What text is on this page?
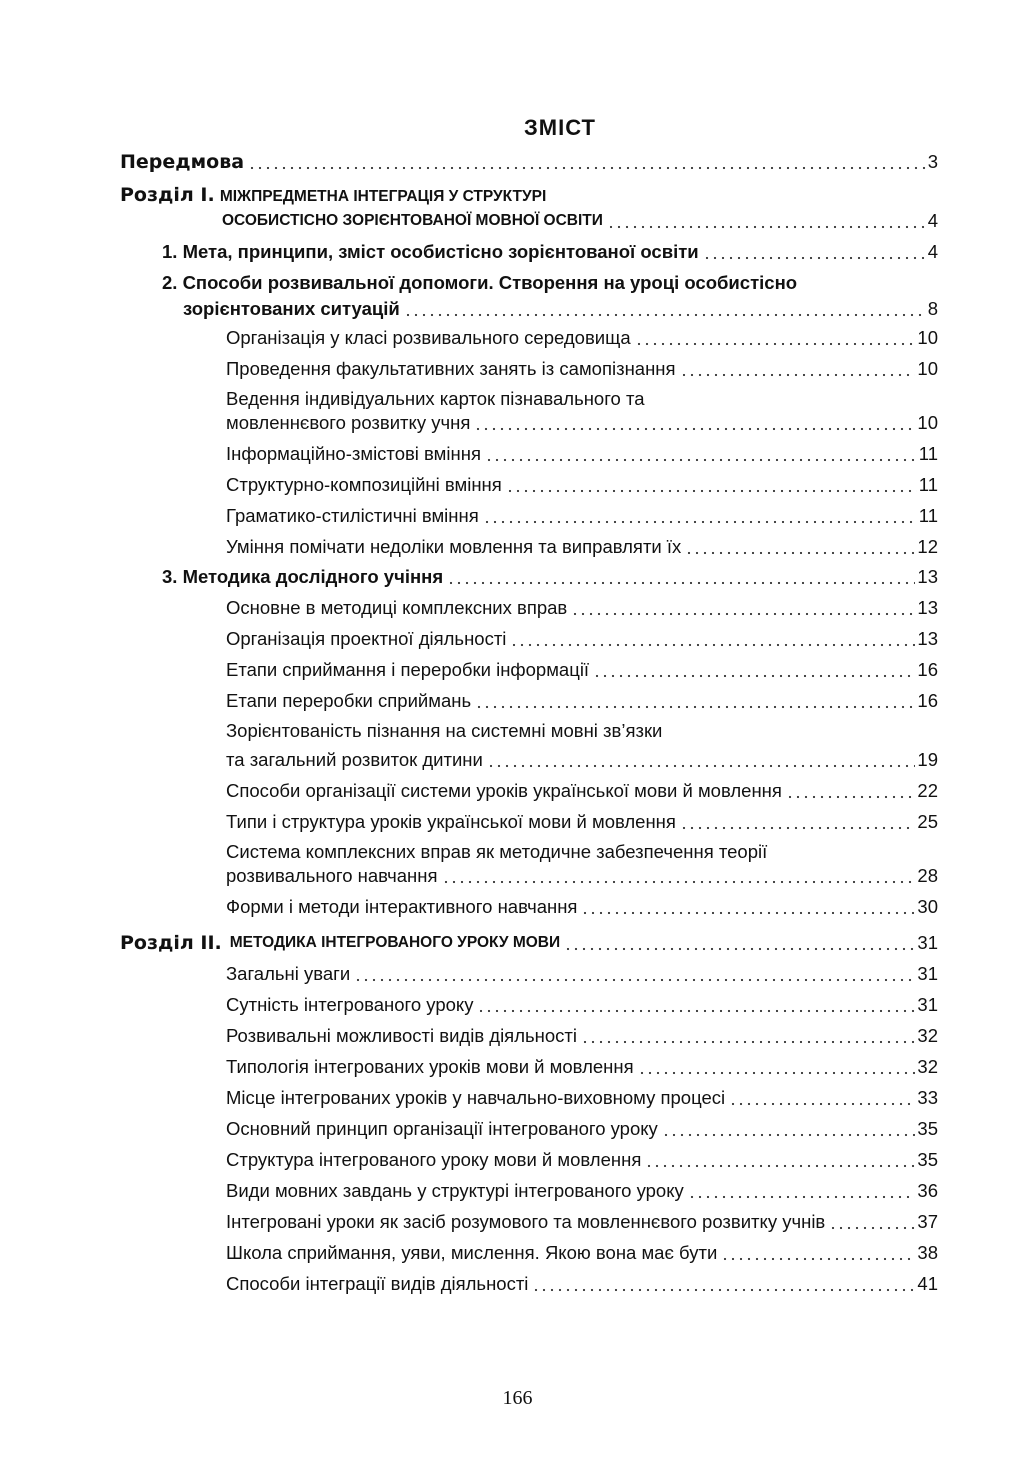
ЗМІСТ
Передмова	3
Розділ І. МІЖПРЕДМЕТНА ІНТЕГРАЦІЯ У СТРУКТУРІ
ОСОБИСТІСНО ЗОРІЄНТОВАНОЇ МОВНОЇ ОСВІТИ	4
1. Мета, принципи, зміст особистісно зорієнтованої освіти	4
2. Способи розвивальної допомоги. Створення на уроці особистісно
зорієнтованих ситуацій	8
Організація у класі розвивального середовища	10
Проведення факультативних занять із самопізнання	10
Ведення індивідуальних карток пізнавального та
мовленнєвого розвитку учня	10
Інформаційно-змістові вміння	11
Структурно-композиційні вміння	11
Граматико-стилістичні вміння	11
Уміння помічати недоліки мовлення та виправляти їх	12
3. Методика дослідного учіння	13
Основне в методиці комплексних вправ	13
Організація проектної діяльності	13
Етапи сприймання і переробки інформації	16
Етапи переробки сприймань	16
Зорієнтованість пізнання на системні мовні зв’язки
та загальний розвиток дитини	19
Способи організації системи уроків української мови й мовлення	22
Типи і структура уроків української мови й мовлення	25
Система комплексних вправ як методичне забезпечення теорії
розвивального навчання	28
Форми і методи інтерактивного навчання	30
Розділ ІІ. МЕТОДИКА ІНТЕГРОВАНОГО УРОКУ МОВИ	31
Загальні уваги	31
Сутність інтегрованого уроку	31
Розвивальні можливості видів діяльності	32
Типологія інтегрованих уроків мови й мовлення	32
Місце інтегрованих уроків у навчально-виховному процесі	33
Основний принцип організації інтегрованого уроку	35
Структура інтегрованого уроку мови й мовлення	35
Види мовних завдань у структурі інтегрованого уроку	36
Інтегровані уроки як засіб розумового та мовленнєвого розвитку учнів	37
Школа сприймання, уяви, мислення. Якою вона має бути	38
Способи інтеграції видів діяльності	41
166
